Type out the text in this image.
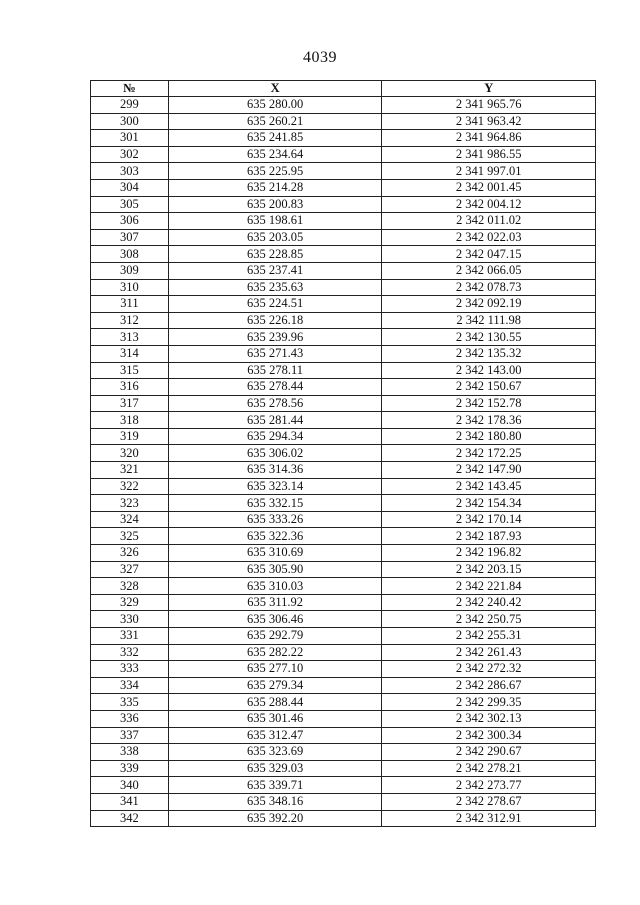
4039
№	X	Y
299	635 280.00	2 341 965.76
300	635 260.21	2 341 963.42
301	635 241.85	2 341 964.86
302	635 234.64	2 341 986.55
303	635 225.95	2 341 997.01
304	635 214.28	2 342 001.45
305	635 200.83	2 342 004.12
306	635 198.61	2 342 011.02
307	635 203.05	2 342 022.03
308	635 228.85	2 342 047.15
309	635 237.41	2 342 066.05
310	635 235.63	2 342 078.73
311	635 224.51	2 342 092.19
312	635 226.18	2 342 111.98
313	635 239.96	2 342 130.55
314	635 271.43	2 342 135.32
315	635 278.11	2 342 143.00
316	635 278.44	2 342 150.67
317	635 278.56	2 342 152.78
318	635 281.44	2 342 178.36
319	635 294.34	2 342 180.80
320	635 306.02	2 342 172.25
321	635 314.36	2 342 147.90
322	635 323.14	2 342 143.45
323	635 332.15	2 342 154.34
324	635 333.26	2 342 170.14
325	635 322.36	2 342 187.93
326	635 310.69	2 342 196.82
327	635 305.90	2 342 203.15
328	635 310.03	2 342 221.84
329	635 311.92	2 342 240.42
330	635 306.46	2 342 250.75
331	635 292.79	2 342 255.31
332	635 282.22	2 342 261.43
333	635 277.10	2 342 272.32
334	635 279.34	2 342 286.67
335	635 288.44	2 342 299.35
336	635 301.46	2 342 302.13
337	635 312.47	2 342 300.34
338	635 323.69	2 342 290.67
339	635 329.03	2 342 278.21
340	635 339.71	2 342 273.77
341	635 348.16	2 342 278.67
342	635 392.20	2 342 312.91
